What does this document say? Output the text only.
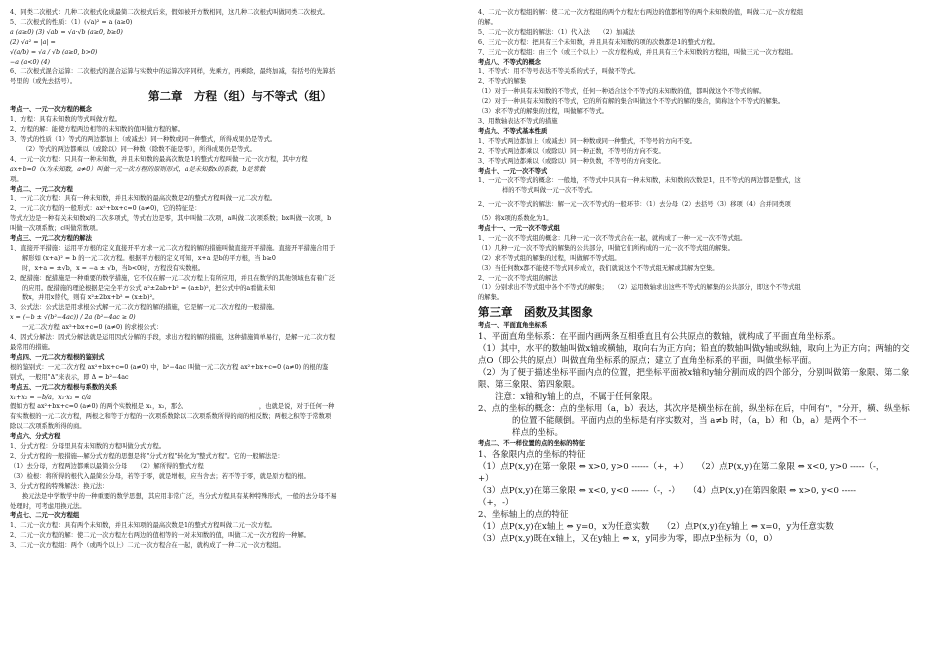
4、同类二次根式：几种二次根式化成最简二次根式后来，假如被开方数相同，这几种二次根式叫做同类二次根式。
5、二次根式的性质：（1）(√a)² = a (a≥0)
a (a≥0) (3) √ab = √a·√b (a≥0, b≥0)
(2) √a² = |a| =
√(a/b) = √a / √b (a≥0, b>0)
−a (a<0) (4)
6、二次根式混合运算：二次根式的混合运算与实数中的运算次序同样，先乘方，再乘除，最终加减，有括号的先算括
号里的（或先去括号）。
第二章　方程（组）与不等式（组）
考点一、一元一次方程的概念
1、方程：具有未知数的等式叫做方程。
2、方程的解：能使方程两边相等的未知数的值叫做方程的解。
3、等式的性质（1）等式的两边都加上（或减去）同一种数或同一种整式，所得成果仍是等式。
（2）等式的两边都乘以（或除以）同一种数（除数不能是零），所得成果仍是等式。
4、一元一次方程：只具有一种未知数，并且未知数的最高次数是1的整式方程叫做一元一次方程，其中方程
ax+b=0（x为未知数，a≠0）叫做一元一次方程的原则形式，a是未知数x的系数，b是常数
项。
考点二、一元二次方程
1、一元二次方程：具有一种未知数，并且未知数的最高次数是2的整式方程叫做一元二次方程。
2、一元二次方程的一般形式：ax²+bx+c=0 (a≠0)，它的特征是：
等式左边是一种有关未知数x的二次多项式，等式右边是零，其中叫做二次项，a叫做二次项系数；bx叫做一次项，b
叫做一次项系数；c叫做常数项。
考点三、一元二次方程的解法
1、直接开平措施：运用平方根的定义直接开平方求一元二次方程的解的措施叫做直接开平措施。直接开平措施合用于
解形如 (x+a)² = b 的一元二次方程。根据平方根的定义可知，x+a 是b的平方根，当 b≥0
时，x+a = ±√b，x = −a ± √b，当b<0时，方程没有实数根。
2、配措施：配措施是一种重要的数学措施，它不仅在解一元二次方程上有所应用，并且在数学的其他领域也有着广泛
的应用。配措施的理论根据是完全平方公式 a²±2ab+b² = (a±b)²，把公式中的a看做未知
数x，并用x替代，则有 x²±2bx+b² = (x±b)²。
3、公式法：公式法是用求根公式解一元二次方程的解的措施，它是解一元二次方程的一般措施。
x = (−b ± √(b²−4ac)) / 2a (b²−4ac ≥ 0)
一元二次方程 ax²+bx+c=0 (a≠0) 的求根公式：
4、因式分解法：因式分解法就是运用因式分解的手段，求出方程的解的措施，这种措施简单易行，是解一元二次方程
最常用的措施。
考点四、一元二次方程根的鉴别式
根的鉴别式：一元二次方程 ax²+bx+c=0 (a≠0) 中，b²−4ac 叫做一元二次方程 ax²+bx+c=0 (a≠0) 的根的鉴
别式，一般用"Δ"来表示，即 Δ = b²−4ac
考点五、一元二次方程根与系数的关系
x₁+x₂ = −b/a，x₁·x₂ = c/a
假如方程 ax²+bx+c=0 (a≠0) 的两个实数根是 x₁，x₂，那么　　　　　　　　　　　　，也就是说，对于任何一种
有实数根的一元二次方程，两根之和等于方程的一次项系数除以二次项系数所得的商的相反数；两根之积等于常数项
除以二次项系数所得的商。
考点六、分式方程
1、分式方程：分母里具有未知数的方程叫做分式方程。
2、分式方程的一般措施---解分式方程的思想是将"分式方程"转化为"整式方程"。它的一般解法是：
（1）去分母，方程两边都乘以最简公分母　　（2）解所得的整式方程
（3）检根：将所得的根代入最简公分母，若等于零，就是增根，应当舍去；若不等于零，就是原方程的根。
3、分式方程的特殊解法：换元法：
换元法是中学数学中的一种重要的数学思想，其应用非常广泛，当分式方程具有某种特殊形式，一般的去分母不易
处理时，可考虑用换元法。
考点七、二元一次方程组
1、二元一次方程：具有两个未知数，并且未知项的最高次数是1的整式方程叫做二元一次方程。
2、二元一次方程的解：使二元一次方程左右两边的值相等的一对未知数的值，叫做二元一次方程的一种解。
3、二元一次方程组：两个（或两个以上）二元一次方程合在一起，就构成了一种二元一次方程组。
4、二元一次方程组的解：使二元一次方程组的两个方程左右两边的值都相等的两个未知数的值，叫做二元一次方程组
的解。
5、二元一次方程组的解法：（1）代入法　　（2）加减法
6、三元一次方程：把具有三个未知数，并且具有未知数的项的次数都是1的整式方程。
7、三元一次方程组：由三个（或三个以上）一次方程构成，并且具有三个未知数的方程组，叫做三元一次方程组。
考点八、不等式的概念
1、不等式：用不等号表达不等关系的式子，叫做不等式。
2、不等式的解集
（1）对于一种具有未知数的不等式，任何一种适合这个不等式的未知数的值，都叫做这个不等式的解。
（2）对于一种具有未知数的不等式，它的所有解的集合叫做这个不等式的解的集合，简称这个不等式的解集。
（3）求不等式的解集的过程，叫做解不等式。
3、用数轴表达不等式的措施
考点九、不等式基本性质
1、不等式两边都加上（或减去）同一种数或同一种整式，不等号的方向不变。
2、不等式两边都乘以（或除以）同一种正数，不等号的方向不变。
3、不等式两边都乘以（或除以）同一种负数，不等号的方向变化。
考点十、一元一次不等式
1、一元一次不等式的概念：一般地，不等式中只具有一种未知数，未知数的次数是1，且不等式的两边都是整式，这
样的不等式叫做一元一次不等式。
2、一元一次不等式的解法：解一元一次不等式的一般环节：（1）去分母（2）去括号（3）移项（4）合并同类项
（5）将x项的系数化为1。
考点十一、一元一次不等式组
1、一元一次不等式组的概念：几种一元一次不等式合在一起，就构成了一种一元一次不等式组。
（1）几种一元一次不等式的解集的公共部分，叫做它们所构成的一元一次不等式组的解集。
（2）求不等式组的解集的过程，叫做解不等式组。
（3）当任何数x都不能使不等式同步成立，我们就说这个不等式组无解或其解为空集。
2、一元一次不等式组的解法
（1）分别求出不等式组中各个不等式的解集；　　（2）运用数轴求出这些不等式的解集的公共部分，即这个不等式组
的解集。
第三章　函数及其图象
考点一、平面直角坐标系
1、平面直角坐标系：在平面内画两条互相垂直且有公共原点的数轴，就构成了平面直角坐标系。
（1）其中，水平的数轴叫做x轴或横轴，取向右为正方向；铅直的数轴叫做y轴或纵轴，取向上为正方向；两轴的交
点O（即公共的原点）叫做直角坐标系的原点；建立了直角坐标系的平面，叫做坐标平面。
（2）为了便于描述坐标平面内点的位置，把坐标平面被x轴和y轴分割而成的四个部分，分别叫做第一象限、第二象
限、第三象限、第四象限。
　　注意：x轴和y轴上的点，不属于任何象限。
2、点的坐标的概念：点的坐标用（a，b）表达，其次序是横坐标在前，纵坐标在后，中间有"，"分开，横、纵坐标
　　　　的位置不能颠倒。平面内点的坐标是有序实数对，当 a≠b 时，（a，b）和（b，a）是两个不一
　　　　样点的坐标。
考点二、不一样位置的点的坐标的特征
1、各象限内点的坐标的特征
（1）点P(x,y)在第一象限 ⇔ x>0, y>0 ------（+，+）　　（2）点P(x,y)在第二象限 ⇔ x<0, y>0 -----（-，
+）
（3）点P(x,y)在第三象限 ⇔ x<0, y<0 ------（-，-）　　（4）点P(x,y)在第四象限 ⇔ x>0, y<0 -----
（+，-）
2、坐标轴上的点的特征
（1）点P(x,y)在x轴上 ⇔ y=0，x为任意实数　　（2）点P(x,y)在y轴上 ⇔ x=0，y为任意实数
（3）点P(x,y)既在x轴上，又在y轴上 ⇔ x，y同步为零，即点P坐标为（0，0）
